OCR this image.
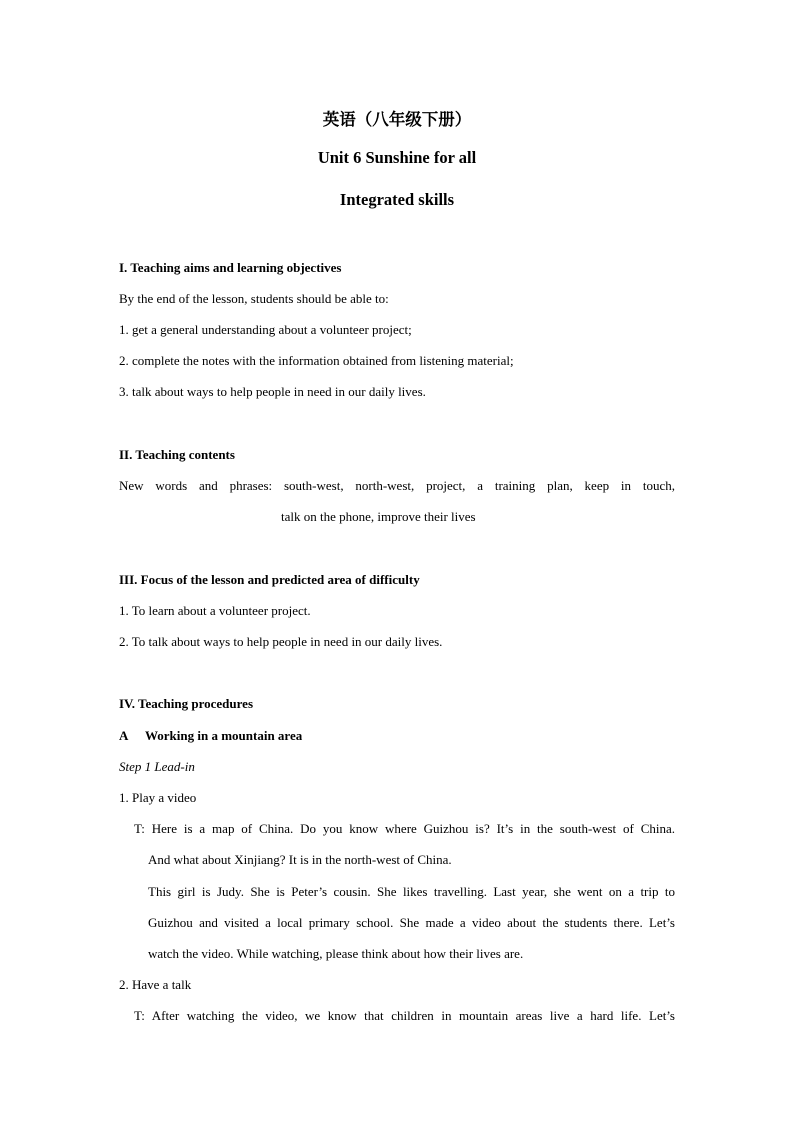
英语（八年级下册）
Unit 6 Sunshine for all
Integrated skills
I. Teaching aims and learning objectives
By the end of the lesson, students should be able to:
1. get a general understanding about a volunteer project;
2. complete the notes with the information obtained from listening material;
3. talk about ways to help people in need in our daily lives.
II. Teaching contents
New words and phrases: south-west, north-west, project, a training plan, keep in touch,
talk on the phone, improve their lives
III. Focus of the lesson and predicted area of difficulty
1. To learn about a volunteer project.
2. To talk about ways to help people in need in our daily lives.
IV. Teaching procedures
A Working in a mountain area
Step 1 Lead-in
1. Play a video
T: Here is a map of China. Do you know where Guizhou is? It’s in the south-west of China.
And what about Xinjiang? It is in the north-west of China.
This girl is Judy. She is Peter’s cousin. She likes travelling. Last year, she went on a trip to
Guizhou and visited a local primary school. She made a video about the students there. Let’s
watch the video. While watching, please think about how their lives are.
2. Have a talk
T: After watching the video, we know that children in mountain areas live a hard life. Let’s
